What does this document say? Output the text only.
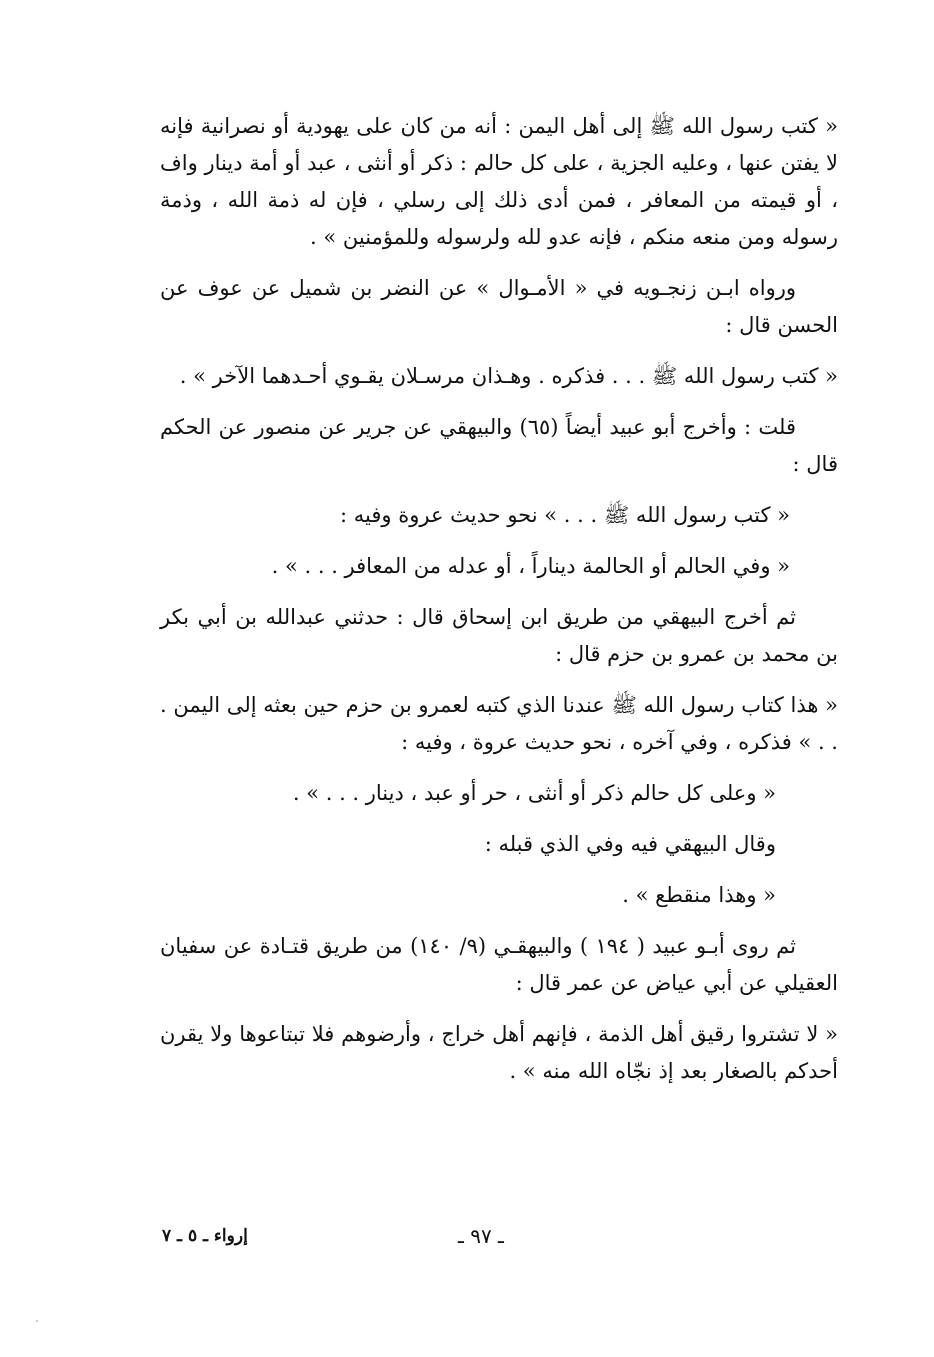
« كتب رسول الله ﷺ إلى أهل اليمن : أنه من كان على يهودية أو نصرانية فإنه لا يفتن عنها ، وعليه الجزية ، على كل حالم : ذكر أو أنثى ، عبد أو أمة دينار واف ، أو قيمته من المعافر ، فمن أدى ذلك إلى رسلي ، فإن له ذمة الله ، وذمة رسوله ومن منعه منكم ، فإنه عدو لله ولرسوله وللمؤمنين » .

ورواه ابـن زنجـويه في « الأمـوال » عن النضر بن شميل عن عوف عن الحسن قال :

« كتب رسول الله ﷺ . . . فذكره . وهـذان مرسـلان يقـوي أحـدهما الآخر » .

قلت : وأخرج أبو عبيد أيضاً (٦٥) والبيهقي عن جرير عن منصور عن الحكم قال :

« كتب رسول الله ﷺ . . . » نحو حديث عروة وفيه :

« وفي الحالم أو الحالمة ديناراً ، أو عدله من المعافر . . . » .

ثم أخرج البيهقي من طريق ابن إسحاق قال : حدثني عبدالله بن أبي بكر بن محمد بن عمرو بن حزم قال :

« هذا كتاب رسول الله ﷺ عندنا الذي كتبه لعمرو بن حزم حين بعثه إلى اليمن . . . » فذكره ، وفي آخره ، نحو حديث عروة ، وفيه :

« وعلى كل حالم ذكر أو أنثى ، حر أو عبد ، دينار . . . » .

وقال البيهقي فيه وفي الذي قبله :

« وهذا منقطع » .

ثم روى أبـو عبيد ( ١٩٤ ) والبيهقـي (٩/ ١٤٠) من طريق قتـادة عن سفيان العقيلي عن أبي عياض عن عمر قال :

« لا تشتروا رقيق أهل الذمة ، فإنهم أهل خراج ، وأرضوهم فلا تبتاعوها ولا يقرن أحدكم بالصغار بعد إذ نجّاه الله منه » .

ـ ٩٧ ـ
إرواء ـ ٥ ـ ٧
